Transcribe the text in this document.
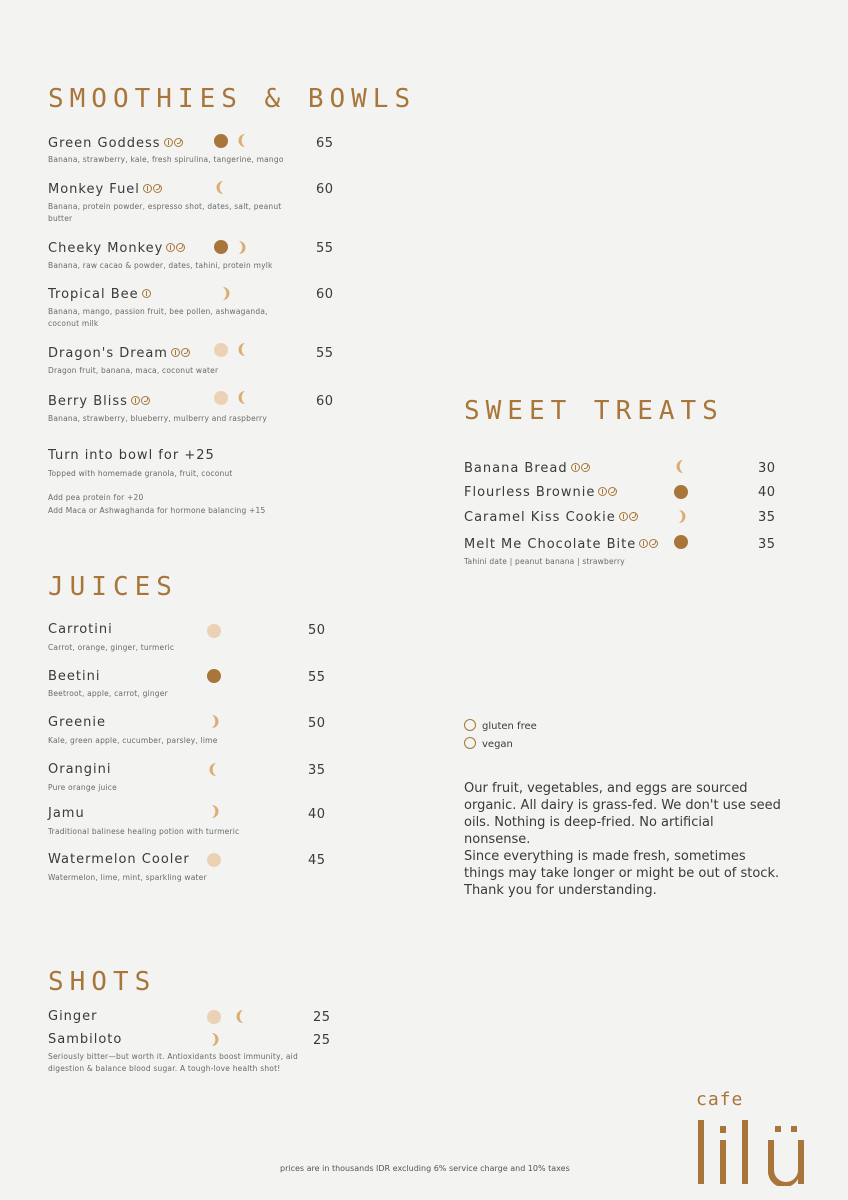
SMOOTHIES & BOWLS
Green Goddess	65
Banana, strawberry, kale, fresh spirulina, tangerine, mango
Monkey Fuel	60
Banana, protein powder, espresso shot, dates, salt, peanut butter
Cheeky Monkey	55
Banana, raw cacao & powder, dates, tahini, protein mylk
Tropical Bee	60
Banana, mango, passion fruit, bee pollen, ashwaganda, coconut milk
Dragon's Dream	55
Dragon fruit, banana, maca, coconut water
Berry Bliss	60
Banana, strawberry, blueberry, mulberry and raspberry
Turn into bowl for +25
Topped with homemade granola, fruit, coconut
Add pea protein for +20
Add Maca or Ashwaghanda for hormone balancing +15
JUICES
Carrotini	50
Carrot, orange, ginger, turmeric
Beetini	55
Beetroot, apple, carrot, ginger
Greenie	50
Kale, green apple, cucumber, parsley, lime
Orangini	35
Pure orange juice
Jamu	40
Traditional balinese healing potion with turmeric
Watermelon Cooler	45
Watermelon, lime, mint, sparkling water
SHOTS
Ginger	25
Sambiloto	25
Seriously bitter—but worth it. Antioxidants boost immunity, aid digestion & balance blood sugar. A tough-love health shot!
SWEET TREATS
Banana Bread	30
Flourless Brownie	40
Caramel Kiss Cookie	35
Melt Me Chocolate Bite	35
Tahini date | peanut banana | strawberry
gluten free
vegan
Our fruit, vegetables, and eggs are sourced organic. All dairy is grass-fed. We don't use seed oils. Nothing is deep-fried. No artificial nonsense.
Since everything is made fresh, sometimes things may take longer or might be out of stock. Thank you for understanding.
prices are in thousands IDR excluding 6% service charge and 10% taxes
cafe
